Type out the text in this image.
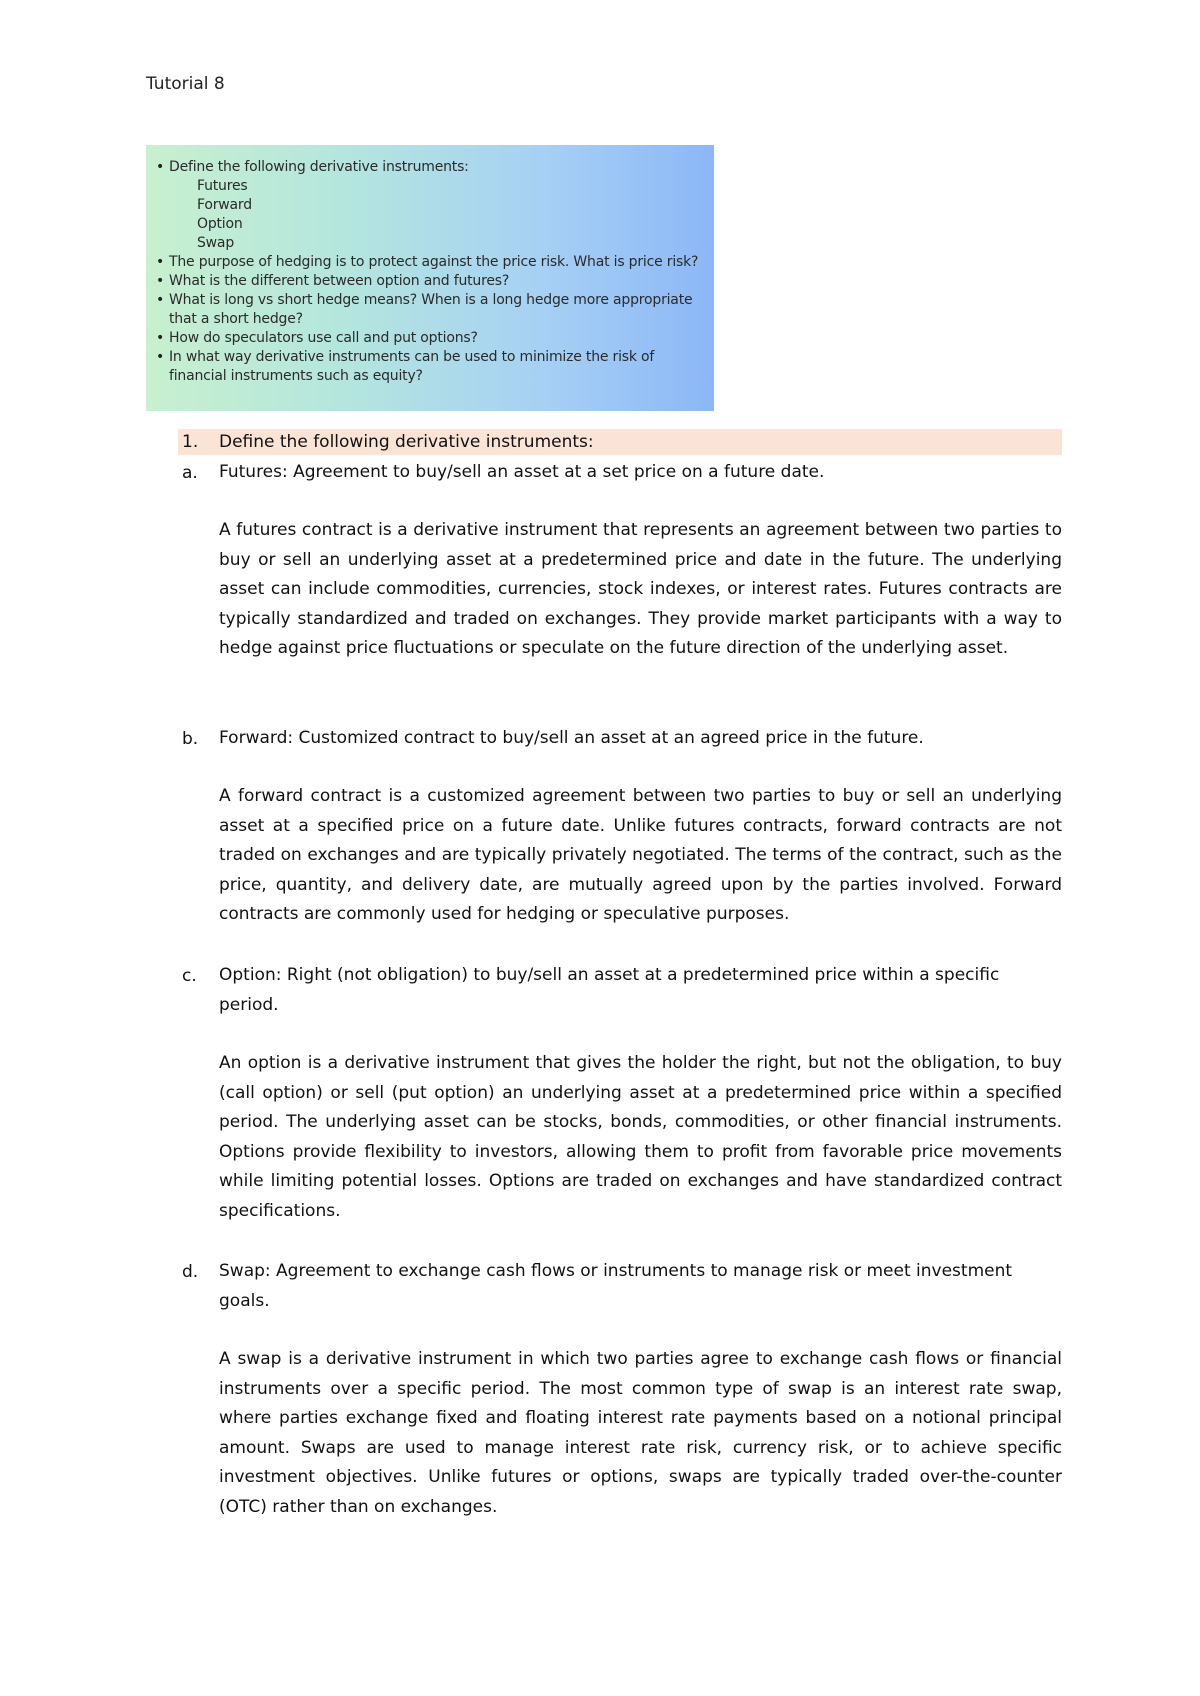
Tutorial 8
• Define the following derivative instruments:
Futures
Forward
Option
Swap
• The purpose of hedging is to protect against the price risk. What is price risk?
• What is the different between option and futures?
• What is long vs short hedge means? When is a long hedge more appropriate that a short hedge?
• How do speculators use call and put options?
• In what way derivative instruments can be used to minimize the risk of financial instruments such as equity?
1. Define the following derivative instruments:
a. Futures: Agreement to buy/sell an asset at a set price on a future date.
A futures contract is a derivative instrument that represents an agreement between two parties to buy or sell an underlying asset at a predetermined price and date in the future. The underlying asset can include commodities, currencies, stock indexes, or interest rates. Futures contracts are typically standardized and traded on exchanges. They provide market participants with a way to hedge against price fluctuations or speculate on the future direction of the underlying asset.
b. Forward: Customized contract to buy/sell an asset at an agreed price in the future.
A forward contract is a customized agreement between two parties to buy or sell an underlying asset at a specified price on a future date. Unlike futures contracts, forward contracts are not traded on exchanges and are typically privately negotiated. The terms of the contract, such as the price, quantity, and delivery date, are mutually agreed upon by the parties involved. Forward contracts are commonly used for hedging or speculative purposes.
c. Option: Right (not obligation) to buy/sell an asset at a predetermined price within a specific period.
An option is a derivative instrument that gives the holder the right, but not the obligation, to buy (call option) or sell (put option) an underlying asset at a predetermined price within a specified period. The underlying asset can be stocks, bonds, commodities, or other financial instruments. Options provide flexibility to investors, allowing them to profit from favorable price movements while limiting potential losses. Options are traded on exchanges and have standardized contract specifications.
d. Swap: Agreement to exchange cash flows or instruments to manage risk or meet investment goals.
A swap is a derivative instrument in which two parties agree to exchange cash flows or financial instruments over a specific period. The most common type of swap is an interest rate swap, where parties exchange fixed and floating interest rate payments based on a notional principal amount. Swaps are used to manage interest rate risk, currency risk, or to achieve specific investment objectives. Unlike futures or options, swaps are typically traded over-the-counter (OTC) rather than on exchanges.
